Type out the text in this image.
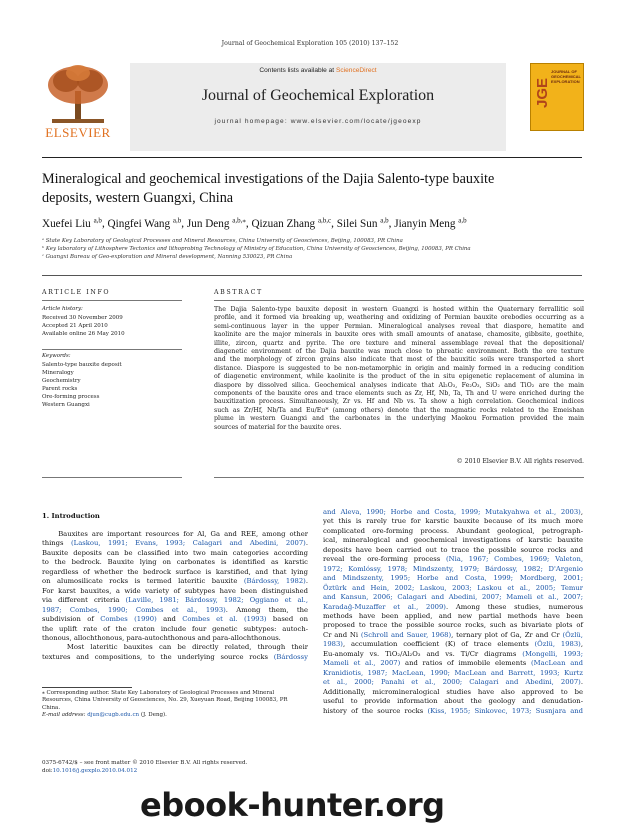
Journal of Geochemical Exploration 105 (2010) 137–152
ELSEVIER
Contents lists available at ScienceDirect
Journal of Geochemical Exploration
journal homepage: www.elsevier.com/locate/jgeoexp
JGE
JOURNAL OF GEOCHEMICAL EXPLORATION
Mineralogical and geochemical investigations of the Dajia Salento-type bauxite
deposits, western Guangxi, China
Xuefei Liu $^{a,b}$, Qingfei Wang $^{a,b}$, Jun Deng $^{a,b,⁎}$, Qizuan Zhang $^{a,b,c}$, Silei Sun $^{a,b}$, Jianyin Meng $^{a,b}$
ᵃ State Key Laboratory of Geological Processes and Mineral Resources, China University of Geosciences, Beijing, 100083, PR China
ᵇ Key laboratory of Lithosphere Tectonics and lithoprobing Technology of Ministry of Education, China University of Geosciences, Beijing, 100083, PR China
ᶜ Guangxi Bureau of Geo-exploration and Mineral development, Nanning 530023, PR China
ARTICLE INFO	ABSTRACT
Article history:
Received 30 November 2009
Accepted 21 April 2010
Available online 26 May 2010
Keywords:
Salento-type bauxite deposit
Mineralogy
Geochemistry
Parent rocks
Ore-forming process
Western Guangxi
The Dajia Salento-type bauxite deposit in western Guangxi is hosted within the Quaternary ferrallitic soil
profile, and it formed via breaking up, weathering and oxidizing of Permian bauxite orebodies occurring as a
semi-continuous layer in the upper Permian. Mineralogical analyses reveal that diaspore, hematite and
kaolinite are the major minerals in bauxite ores with small amounts of anatase, chamosite, gibbsite, goethite,
illite, zircon, quartz and pyrite. The ore texture and mineral assemblage reveal that the depositional/
diagenetic environment of the Dajia bauxite was much close to phreatic environment. Both the ore texture
and the morphology of zircon grains also indicate that most of the bauxitic soils were transported a short
distance. Diaspore is suggested to be non-metamorphic in origin and mainly formed in a reducing condition
of diagenetic environment, while kaolinite is the product of the in situ epigenetic replacement of alumina in
diaspore by dissolved silica. Geochemical analyses indicate that Al₂O₃, Fe₂O₃, SiO₂ and TiO₂ are the main
components of the bauxite ores and trace elements such as Zr, Hf, Nb, Ta, Th and U were enriched during the
bauxitization process. Simultaneously, Zr vs. Hf and Nb vs. Ta show a high correlation. Geochemical indices
such as Zr/Hf, Nb/Ta and Eu/Eu* (among others) denote that the magmatic rocks related to the Emeishan
plume in western Guangxi and the carbonates in the underlying Maokou Formation provided the main
sources of material for the bauxite ores.
© 2010 Elsevier B.V. All rights reserved.
1. Introduction
Bauxites are important resources for Al, Ga and REE, among other
things (Laskou, 1991; Evans, 1993; Calagari and Abedini, 2007).
Bauxite deposits can be classified into two main categories according
to the bedrock. Bauxite lying on carbonates is identified as karstic
regardless of whether the bedrock surface is karstified, and that lying
on alumosilicate rocks is termed lateritic bauxite (Bárdossy, 1982).
For karst bauxites, a wide variety of subtypes have been distinguished
via different criteria (Laville, 1981; Bárdossy, 1982; Oggiano et al.,
1987; Combes, 1990; Combes et al., 1993). Among them, the
subdivision of Combes (1990) and Combes et al. (1993) based on
the uplift rate of the craton include four genetic subtypes: autoch-
thonous, allochthonous, para-autochthonous and para-allochthonous.
Most lateritic bauxites can be directly related, through their
textures and compositions, to the underlying source rocks (Bárdossy
and Aleva, 1990; Horbe and Costa, 1999; Mutakyahwa et al., 2003),
yet this is rarely true for karstic bauxite because of its much more
complicated ore-forming process. Abundant geological, petrograph-
ical, mineralogical and geochemical investigations of karstic bauxite
deposits have been carried out to trace the possible source rocks and
reveal the ore-forming process (Nia, 1967; Combes, 1969; Valeton,
1972; Komlóssy, 1978; Mindszenty, 1979; Bárdossy, 1982; D'Argenio
and Mindszenty, 1995; Horbe and Costa, 1999; Mordberg, 2001;
Öztürk and Hein, 2002; Laskou, 2003; Laskou et al., 2005; Temur
and Kansun, 2006; Calagari and Abedini, 2007; Mameli et al., 2007;
Karadağ-Muzaffer et al., 2009). Among these studies, numerous
methods have been applied, and new partial methods have been
proposed to trace the possible source rocks, such as bivariate plots of
Cr and Ni (Schroll and Sauer, 1968), ternary plot of Ga, Zr and Cr (Özlü,
1983), accumulation coefficient (K) of trace elements (Özlü, 1983),
Eu-anomaly vs. TiO₂/Al₂O₃ and vs. Ti/Cr diagrams (Mongelli, 1993;
Mameli et al., 2007) and ratios of immobile elements (MacLean and
Kranidiotis, 1987; MacLean, 1990; MacLean and Barrett, 1993; Kurtz
et al., 2000; Panahi et al., 2000; Calagari and Abedini, 2007).
Additionally, micromineralogical studies have also approved to be
useful to provide information about the geology and denudation-
history of the source rocks (Kiss, 1955; Sinkovec, 1973; Susnjara and
⁎ Corresponding author. State Key Laboratory of Geological Processes and Mineral
Resources, China University of Geosciences, No. 29, Xueyuan Road, Beijing 100083, PR
China.
E-mail address: djun@cugb.edu.cn (J. Deng).
0375-6742/$ – see front matter © 2010 Elsevier B.V. All rights reserved.
doi:10.1016/j.gexplo.2010.04.012
ebook-hunter.org
